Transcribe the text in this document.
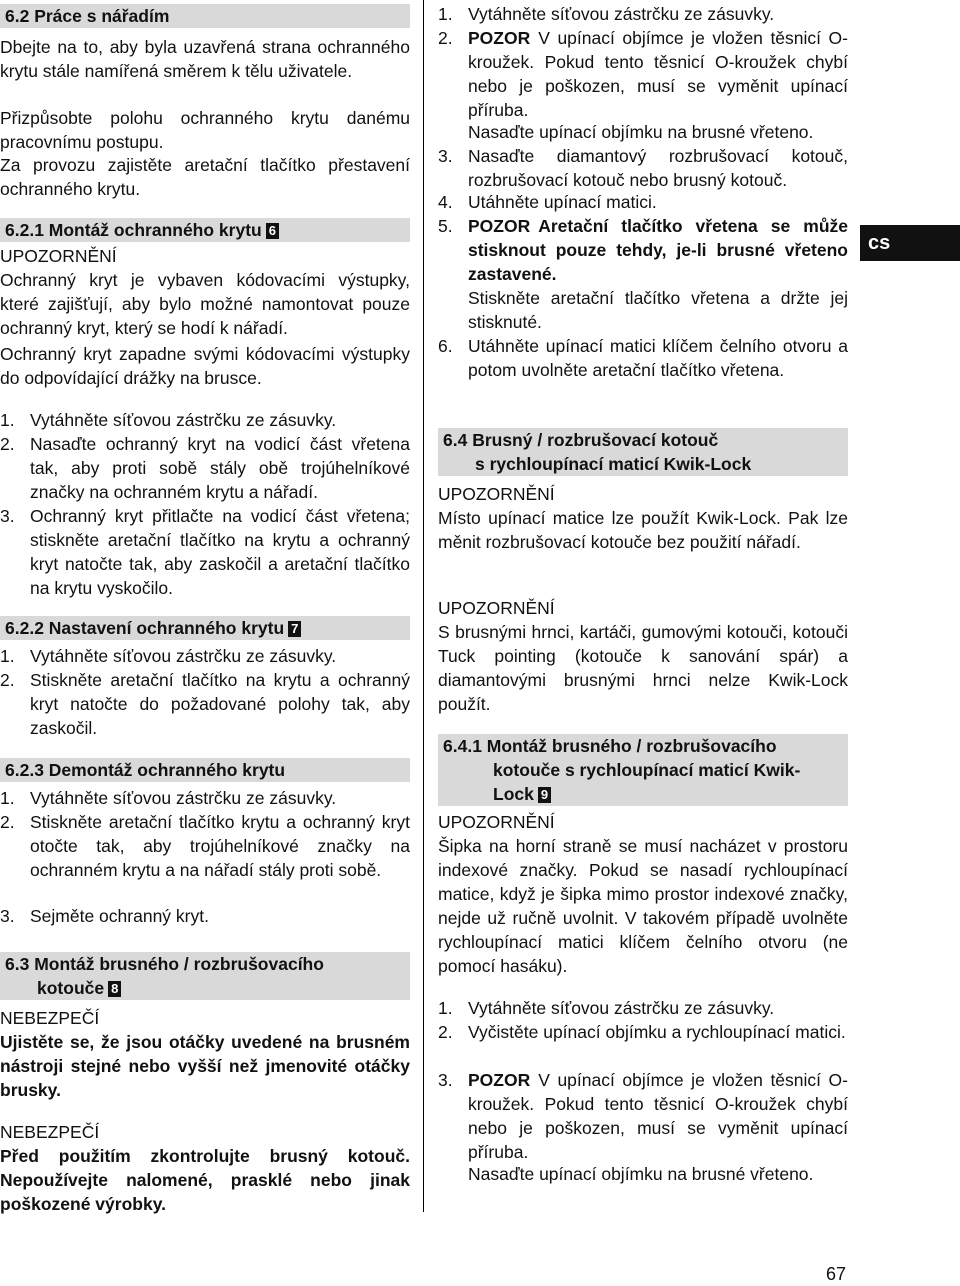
6.2 Práce s nářadím
Dbejte na to, aby byla uzavřená strana ochranného krytu stále namířená směrem k tělu uživatele.
Přizpůsobte polohu ochranného krytu danému pracovnímu postupu.
Za provozu zajistěte aretační tlačítko přestavení ochranného krytu.
6.2.1 Montáž ochranného krytu 6
UPOZORNĚNÍ
Ochranný kryt je vybaven kódovacími výstupky, které zajišťují, aby bylo možné namontovat pouze ochranný kryt, který se hodí k nářadí.
Ochranný kryt zapadne svými kódovacími výstupky do odpovídající drážky na brusce.
1. Vytáhněte síťovou zástrčku ze zásuvky.
2. Nasaďte ochranný kryt na vodicí část vřetena tak, aby proti sobě stály obě trojúhelníkové značky na ochranném krytu a nářadí.
3. Ochranný kryt přitlačte na vodicí část vřetena; stiskněte aretační tlačítko na krytu a ochranný kryt natočte tak, aby zaskočil a aretační tlačítko na krytu vyskočilo.
6.2.2 Nastavení ochranného krytu 7
1. Vytáhněte síťovou zástrčku ze zásuvky.
2. Stiskněte aretační tlačítko na krytu a ochranný kryt natočte do požadované polohy tak, aby zaskočil.
6.2.3 Demontáž ochranného krytu
1. Vytáhněte síťovou zástrčku ze zásuvky.
2. Stiskněte aretační tlačítko krytu a ochranný kryt otočte tak, aby trojúhelníkové značky na ochranném krytu a na nářadí stály proti sobě.
3. Sejměte ochranný kryt.
6.3 Montáž brusného / rozbrušovacího
kotouče 8
NEBEZPEČÍ
Ujistěte se, že jsou otáčky uvedené na brusném nástroji stejné nebo vyšší než jmenovité otáčky brusky.
NEBEZPEČÍ
Před použitím zkontrolujte brusný kotouč. Nepoužívejte nalomené, prasklé nebo jinak poškozené výrobky.
1. Vytáhněte síťovou zástrčku ze zásuvky.
2. POZOR V upínací objímce je vložen těsnicí O-kroužek. Pokud tento těsnicí O-kroužek chybí nebo je poškozen, musí se vyměnit upínací příruba.
Nasaďte upínací objímku na brusné vřeteno.
3. Nasaďte diamantový rozbrušovací kotouč, rozbrušovací kotouč nebo brusný kotouč.
4. Utáhněte upínací matici.
5. POZOR Aretační tlačítko vřetena se může stisknout pouze tehdy, je-li brusné vřeteno zastavené.
Stiskněte aretační tlačítko vřetena a držte jej stisknuté.
6. Utáhněte upínací matici klíčem čelního otvoru a potom uvolněte aretační tlačítko vřetena.
6.4 Brusný / rozbrušovací kotouč
s rychloupínací maticí Kwik-Lock
UPOZORNĚNÍ
Místo upínací matice lze použít Kwik-Lock. Pak lze měnit rozbrušovací kotouče bez použití nářadí.
UPOZORNĚNÍ
S brusnými hrnci, kartáči, gumovými kotouči, kotouči Tuck pointing (kotouče k sanování spár) a diamantovými brusnými hrnci nelze Kwik-Lock použít.
6.4.1 Montáž brusného / rozbrušovacího
kotouče s rychloupínací maticí Kwik-
Lock 9
UPOZORNĚNÍ
Šipka na horní straně se musí nacházet v prostoru indexové značky. Pokud se nasadí rychloupínací matice, když je šipka mimo prostor indexové značky, nejde už ručně uvolnit. V takovém případě uvolněte rychloupínací matici klíčem čelního otvoru (ne pomocí hasáku).
1. Vytáhněte síťovou zástrčku ze zásuvky.
2. Vyčistěte upínací objímku a rychloupínací matici.
3. POZOR V upínací objímce je vložen těsnicí O-kroužek. Pokud tento těsnicí O-kroužek chybí nebo je poškozen, musí se vyměnit upínací příruba.
Nasaďte upínací objímku na brusné vřeteno.
cs
67
